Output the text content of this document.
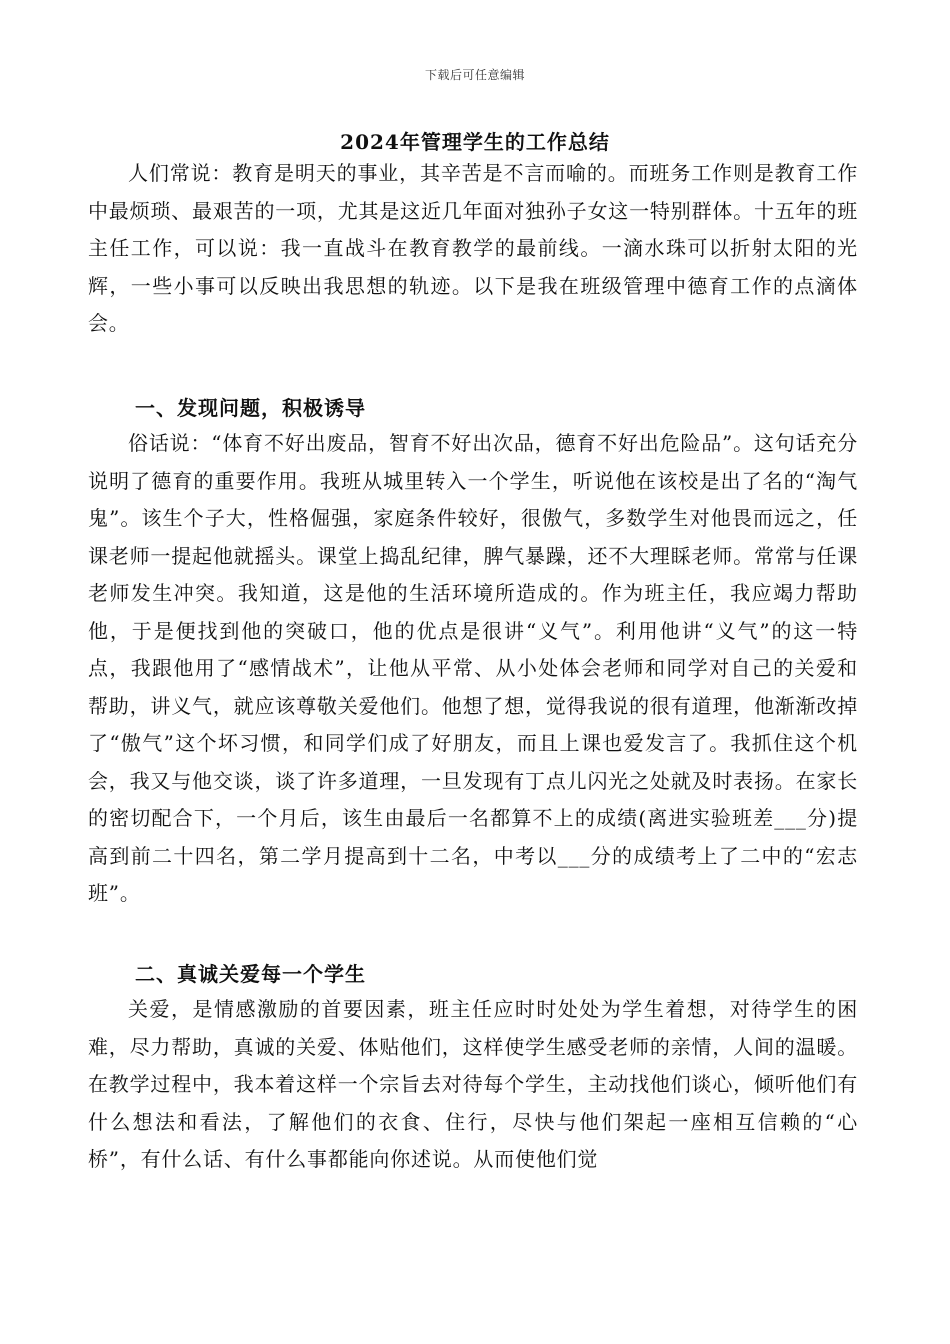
下载后可任意编辑
2024年管理学生的工作总结

人们常说：教育是明天的事业，其辛苦是不言而喻的。而班务工作则是教育工作中最烦琐、最艰苦的一项，尤其是这近几年面对独孙子女这一特别群体。十五年的班主任工作，可以说：我一直战斗在教育教学的最前线。一滴水珠可以折射太阳的光辉，一些小事可以反映出我思想的轨迹。以下是我在班级管理中德育工作的点滴体会。

一、发现问题，积极诱导

俗话说：“体育不好出废品，智育不好出次品，德育不好出危险品”。这句话充分说明了德育的重要作用。我班从城里转入一个学生，听说他在该校是出了名的“淘气鬼”。该生个子大，性格倔强，家庭条件较好，很傲气，多数学生对他畏而远之，任课老师一提起他就摇头。课堂上捣乱纪律，脾气暴躁，还不大理睬老师。常常与任课老师发生冲突。我知道，这是他的生活环境所造成的。作为班主任，我应竭力帮助他，于是便找到他的突破口，他的优点是很讲“义气”。利用他讲“义气”的这一特点，我跟他用了“感情战术”，让他从平常、从小处体会老师和同学对自己的关爱和帮助，讲义气，就应该尊敬关爱他们。他想了想，觉得我说的很有道理，他渐渐改掉了“傲气”这个坏习惯，和同学们成了好朋友，而且上课也爱发言了。我抓住这个机会，我又与他交谈，谈了许多道理，一旦发现有丁点儿闪光之处就及时表扬。在家长的密切配合下，一个月后，该生由最后一名都算不上的成绩(离进实验班差___分)提高到前二十四名，第二学月提高到十二名，中考以___分的成绩考上了二中的“宏志班”。

二、真诚关爱每一个学生

关爱，是情感激励的首要因素，班主任应时时处处为学生着想，对待学生的困难，尽力帮助，真诚的关爱、体贴他们，这样使学生感受老师的亲情，人间的温暖。在教学过程中，我本着这样一个宗旨去对待每个学生，主动找他们谈心，倾听他们有什么想法和看法，了解他们的衣食、住行，尽快与他们架起一座相互信赖的“心桥”，有什么话、有什么事都能向你述说。从而使他们觉
